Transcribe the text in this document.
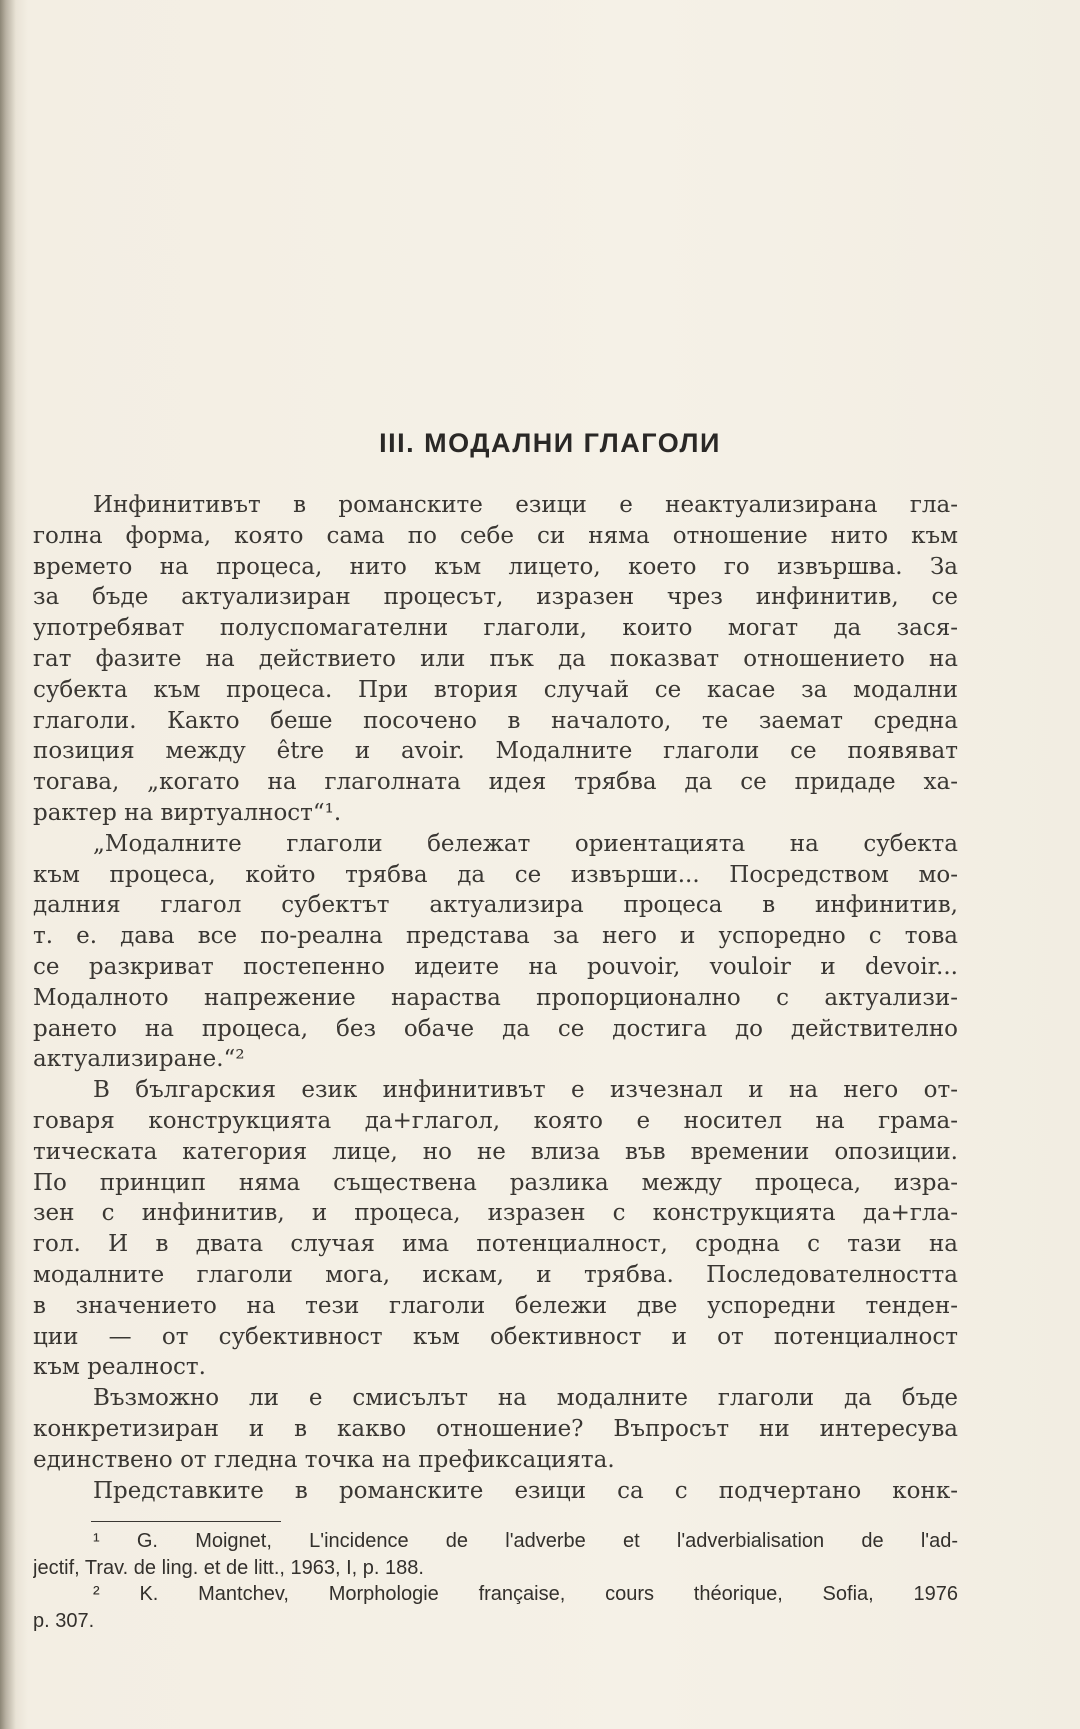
III. МОДАЛНИ ГЛАГОЛИ
Инфинитивът в романските езици е неактуализирана гла-
голна форма, която сама по себе си няма отношение нито към
времето на процеса, нито към лицето, което го извършва. За
за бъде актуализиран процесът, изразен чрез инфинитив, се
употребяват полуспомагателни глаголи, които могат да зася-
гат фазите на действието или пък да показват отношението на
субекта към процеса. При втория случай се касае за модални
глаголи. Както беше посочено в началото, те заемат средна
позиция между être и avoir. Модалните глаголи се появяват
тогава, „когато на глаголната идея трябва да се придаде ха-
рактер на виртуалност“¹.
„Модалните глаголи бележат ориентацията на субекта
към процеса, който трябва да се извърши... Посредством мо-
далния глагол субектът актуализира процеса в инфинитив,
т. е. дава все по-реална представа за него и успоредно с това
се разкриват постепенно идеите на pouvoir, vouloir и devoir...
Модалното напрежение нараства пропорционално с актуализи-
рането на процеса, без обаче да се достига до действително
актуализиране.“²
В българския език инфинитивът е изчезнал и на него от-
говаря конструкцията да+глагол, която е носител на грама-
тическата категория лице, но не влиза във времении опозиции.
По принцип няма съществена разлика между процеса, изра-
зен с инфинитив, и процеса, изразен с конструкцията да+гла-
гол. И в двата случая има потенциалност, сродна с тази на
модалните глаголи мога, искам, и трябва. Последователността
в значението на тези глаголи бележи две успоредни тенден-
ции — от субективност към обективност и от потенциалност
към реалност.
Възможно ли е смисълът на модалните глаголи да бъде
конкретизиран и в какво отношение? Въпросът ни интересува
единствено от гледна точка на префиксацията.
Представките в романските езици са с подчертано конк-
¹ G. Moignet, L'incidence de l'adverbe et l'adverbialisation de l'ad-
jectif, Trav. de ling. et de litt., 1963, I, p. 188.
² K. Mantchev, Morphologie française, cours théorique, Sofia, 1976
p. 307.
